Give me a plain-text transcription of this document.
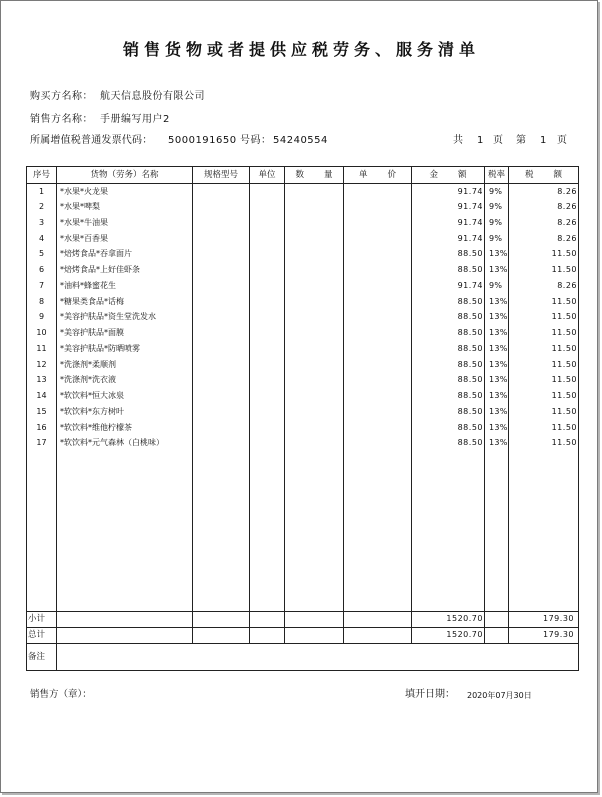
销售货物或者提供应税劳务、服务清单
购买方名称： 航天信息股份有限公司
销售方名称： 手册编写用户2
所属增值税普通发票代码： 5000191650 号码： 54240554	共 1 页 第 1 页
序号	货物（劳务）名称	规格型号	单位	数量	单价	金额	税率	税额
1	*水果*火龙果					91.74	9%	8.26
2	*水果*啤梨					91.74	9%	8.26
3	*水果*牛油果					91.74	9%	8.26
4	*水果*百香果					91.74	9%	8.26
5	*焙烤食品*吞拿面片					88.50	13%	11.50
6	*焙烤食品*上好佳虾条					88.50	13%	11.50
7	*油料*蜂蜜花生					91.74	9%	8.26
8	*糖果类食品*话梅					88.50	13%	11.50
9	*美容护肤品*资生堂洗发水					88.50	13%	11.50
10	*美容护肤品*面膜					88.50	13%	11.50
11	*美容护肤品*防晒喷雾					88.50	13%	11.50
12	*洗涤剂*柔顺剂					88.50	13%	11.50
13	*洗涤剂*洗衣液					88.50	13%	11.50
14	*软饮料*恒大冰泉					88.50	13%	11.50
15	*软饮料*东方树叶					88.50	13%	11.50
16	*软饮料*维他柠檬茶					88.50	13%	11.50
17	*软饮料*元气森林（白桃味）					88.50	13%	11.50

小计						1520.70		179.30
总计						1520.70		179.30
备注								
销售方（章）：	填开日期： 2020年07月30日
